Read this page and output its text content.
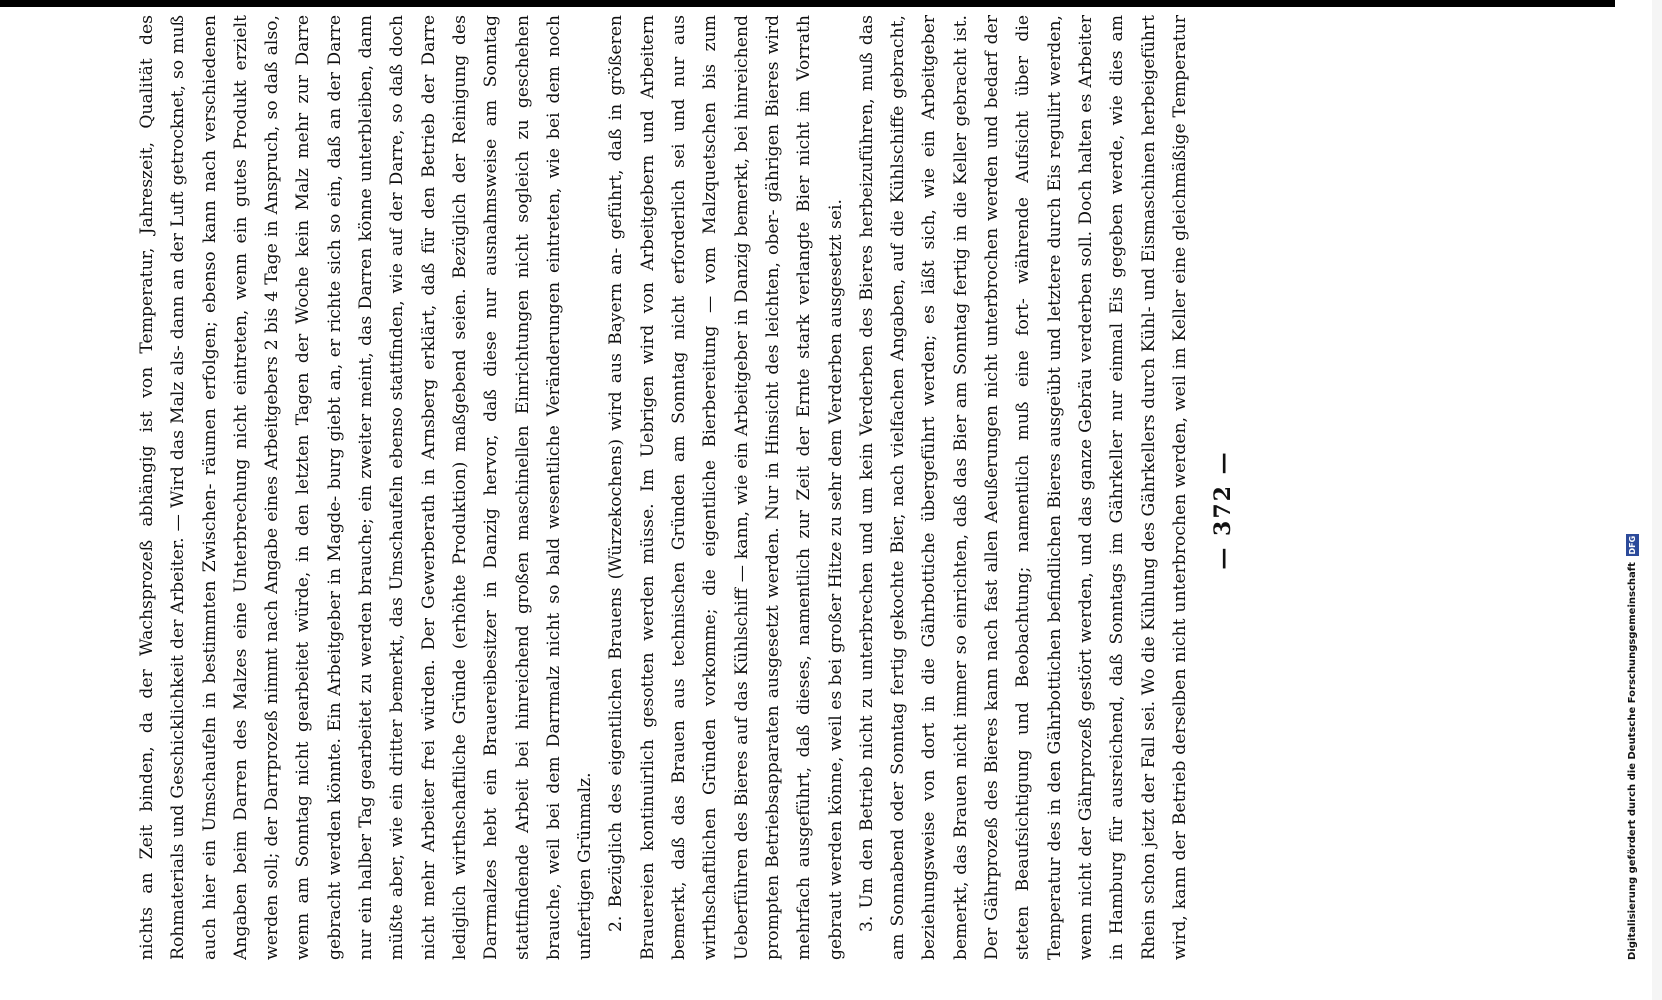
— 372 —

nichts an Zeit binden, da der Wachsprozeß abhängig ist von Temperatur, Jahreszeit, Qualität des Rohmaterials und Geschicklichkeit der Arbeiter. — Wird das Malz als- dann an der Luft getrocknet, so muß auch hier ein Umschaufeln in bestimmten Zwischen- räumen erfolgen; ebenso kann nach verschiedenen Angaben beim Darren des Malzes eine Unterbrechung nicht eintreten, wenn ein gutes Produkt erzielt werden soll; der Darrprozeß nimmt nach Angabe eines Arbeitgebers 2 bis 4 Tage in Anspruch, so daß also, wenn am Sonntag nicht gearbeitet würde, in den letzten Tagen der Woche kein Malz mehr zur Darre gebracht werden könnte. Ein Arbeitgeber in Magde- burg giebt an, er richte sich so ein, daß an der Darre nur ein halber Tag gearbeitet zu werden brauche; ein zweiter meint, das Darren könne unterbleiben, dann müßte aber, wie ein dritter bemerkt, das Umschaufeln ebenso stattfinden, wie auf der Darre, so daß doch nicht mehr Arbeiter frei würden. Der Gewerberath in Arnsberg erklärt, daß für den Betrieb der Darre lediglich wirthschaftliche Gründe (erhöhte Produktion) maßgebend seien. Bezüglich der Reinigung des Darrmalzes hebt ein Brauereibesitzer in Danzig hervor, daß diese nur ausnahmsweise am Sonntag stattfindende Arbeit bei hinreichend großen maschinellen Einrichtungen nicht sogleich zu geschehen brauche, weil bei dem Darrmalz nicht so bald wesentliche Veränderungen eintreten, wie bei dem noch unfertigen Grünmalz. 2. Bezüglich des eigentlichen Brauens (Würzekochens) wird aus Bayern an- geführt, daß in größeren Brauereien kontinuirlich gesotten werden müsse. Im Uebrigen wird von Arbeitgebern und Arbeitern bemerkt, daß das Brauen aus technischen Gründen am Sonntag nicht erforderlich sei und nur aus wirthschaftlichen Gründen vorkomme; die eigentliche Bierbereitung — vom Malzquetschen bis zum Ueberführen des Bieres auf das Kühlschiff — kann, wie ein Arbeitgeber in Danzig bemerkt, bei hinreichend prompten Betriebsapparaten ausgesetzt werden. Nur in Hinsicht des leichten, ober- gährigen Bieres wird mehrfach ausgeführt, daß dieses, namentlich zur Zeit der Ernte stark verlangte Bier nicht im Vorrath gebraut werden könne, weil es bei großer Hitze zu sehr dem Verderben ausgesetzt sei. 3. Um den Betrieb nicht zu unterbrechen und um kein Verderben des Bieres herbeizuführen, muß das am Sonnabend oder Sonntag fertig gekochte Bier, nach vielfachen Angaben, auf die Kühlschiffe gebracht, beziehungsweise von dort in die Gährbottiche übergeführt werden; es läßt sich, wie ein Arbeitgeber bemerkt, das Brauen nicht immer so einrichten, daß das Bier am Sonntag fertig in die Keller gebracht ist. Der Gährprozeß des Bieres kann nach fast allen Aeußerungen nicht unterbrochen werden und bedarf der steten Beaufsichtigung und Beobachtung; namentlich muß eine fort- währende Aufsicht über die Temperatur des in den Gährbottichen befindlichen Bieres ausgeübt und letztere durch Eis regulirt werden, wenn nicht der Gährprozeß gestört werden, und das ganze Gebräu verderben soll. Doch halten es Arbeiter in Hamburg für ausreichend, daß Sonntags im Gährkeller nur einmal Eis gegeben werde, wie dies am Rhein schon jetzt der Fall sei. Wo die Kühlung des Gährkellers durch Kühl- und Eismaschinen herbeigeführt wird, kann der Betrieb derselben nicht unterbrochen werden, weil im Keller eine gleichmäßige Temperatur

Digitalisierung gefördert durch die Deutsche Forschungsgemeinschaft
DFG
